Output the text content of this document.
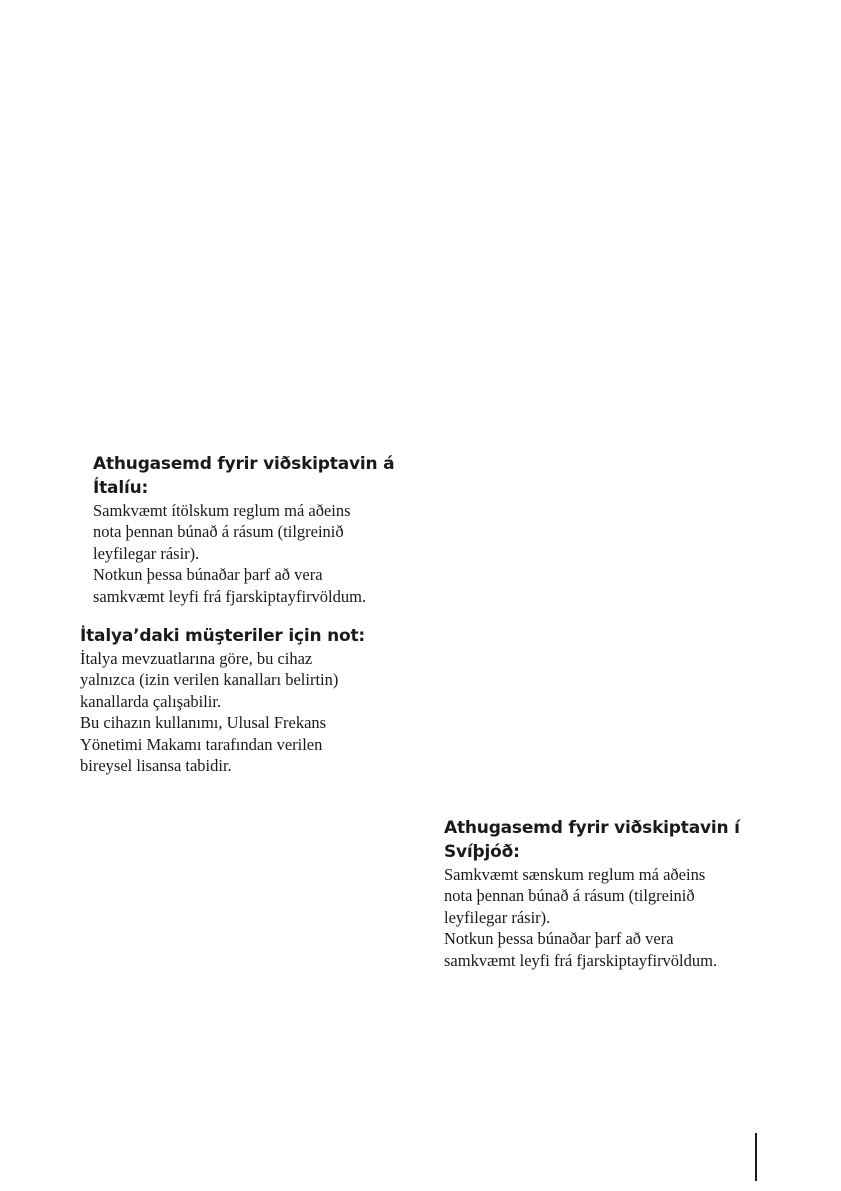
Athugasemd fyrir viðskiptavin á
Ítalíu:
Samkvæmt ítölskum reglum má aðeins
nota þennan búnað á rásum (tilgreinið
leyfilegar rásir).
Notkun þessa búnaðar þarf að vera
samkvæmt leyfi frá fjarskiptayfirvöldum.
İtalya’daki müşteriler için not:
İtalya mevzuatlarına göre, bu cihaz
yalnızca (izin verilen kanalları belirtin)
kanallarda çalışabilir.
Bu cihazın kullanımı, Ulusal Frekans
Yönetimi Makamı tarafından verilen
bireysel lisansa tabidir.
Athugasemd fyrir viðskiptavin í
Svíþjóð:
Samkvæmt sænskum reglum má aðeins
nota þennan búnað á rásum (tilgreinið
leyfilegar rásir).
Notkun þessa búnaðar þarf að vera
samkvæmt leyfi frá fjarskiptayfirvöldum.
